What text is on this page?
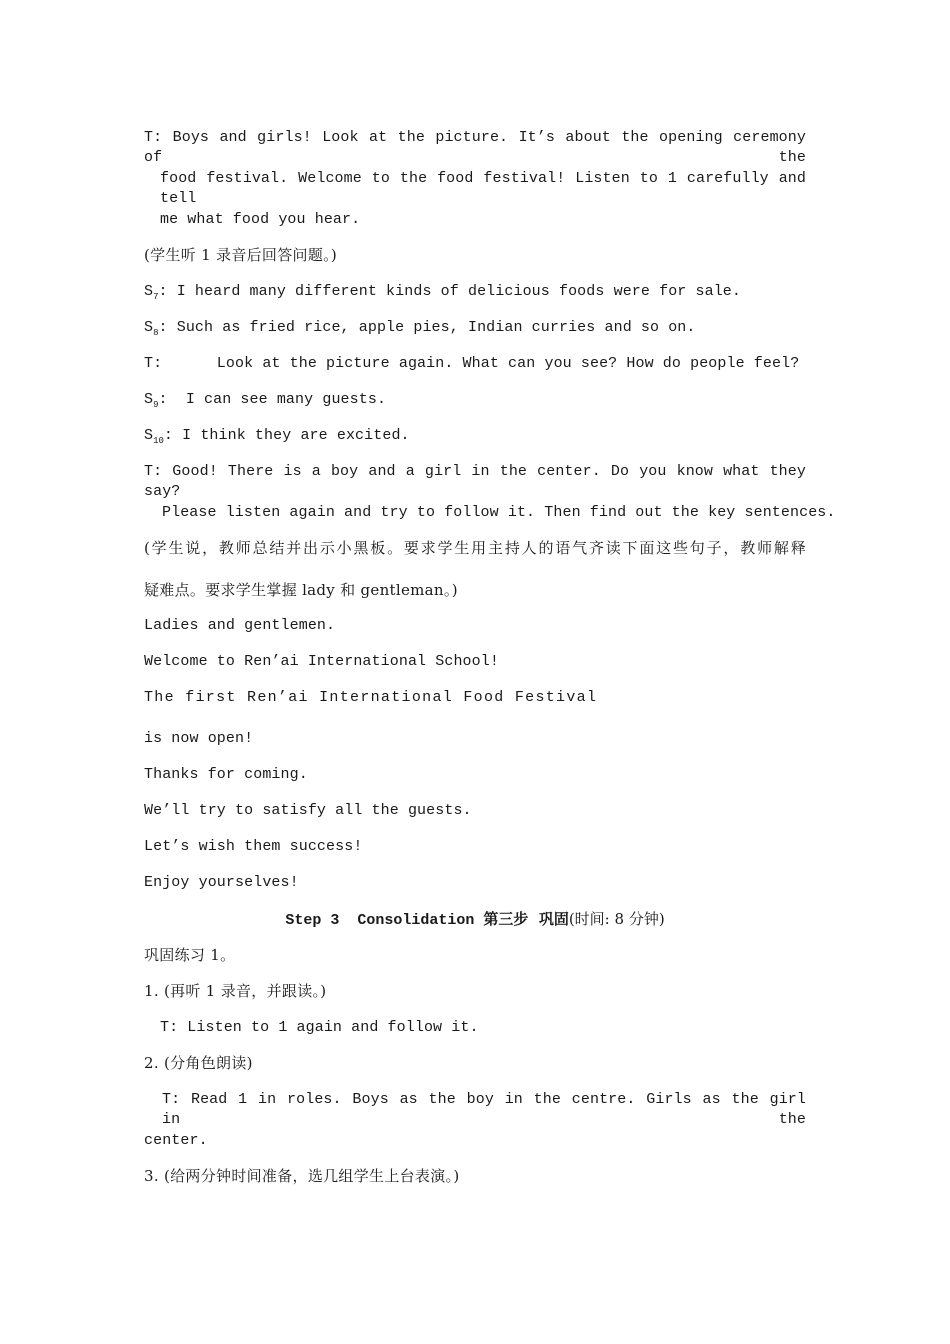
T: Boys and girls! Look at the picture. It’s about the opening ceremony of the
food festival. Welcome to the food festival! Listen to 1 carefully and tell
me what food you hear.
(学生听 1 录音后回答问题。)
$S_7$: I heard many different kinds of delicious foods were for sale.
$S_8$: Such as fried rice, apple pies, Indian curries and so on.
T:      Look at the picture again. What can you see? How do people feel?
$S_9$:  I can see many guests.
$S_{10}$: I think they are excited.
T: Good! There is a boy and a girl in the center. Do you know what they say?
Please listen again and try to follow it. Then find out the key sentences.
(学生说，教师总结并出示小黑板。要求学生用主持人的语气齐读下面这些句子，教师解释
疑难点。要求学生掌握 lady 和 gentleman。)
Ladies and gentlemen.
Welcome to Ren’ai International School!
The first Ren’ai International Food Festival
is now open!
Thanks for coming.
We’ll try to satisfy all the guests.
Let’s wish them success!
Enjoy yourselves!
Step 3  Consolidation 第三步  巩固(时间: 8 分钟)
巩固练习 1。
1. (再听 1 录音，并跟读。)
T: Listen to 1 again and follow it.
2. (分角色朗读)
T: Read 1 in roles. Boys as the boy in the centre. Girls as the girl in the
center.
3. (给两分钟时间准备，选几组学生上台表演。)
